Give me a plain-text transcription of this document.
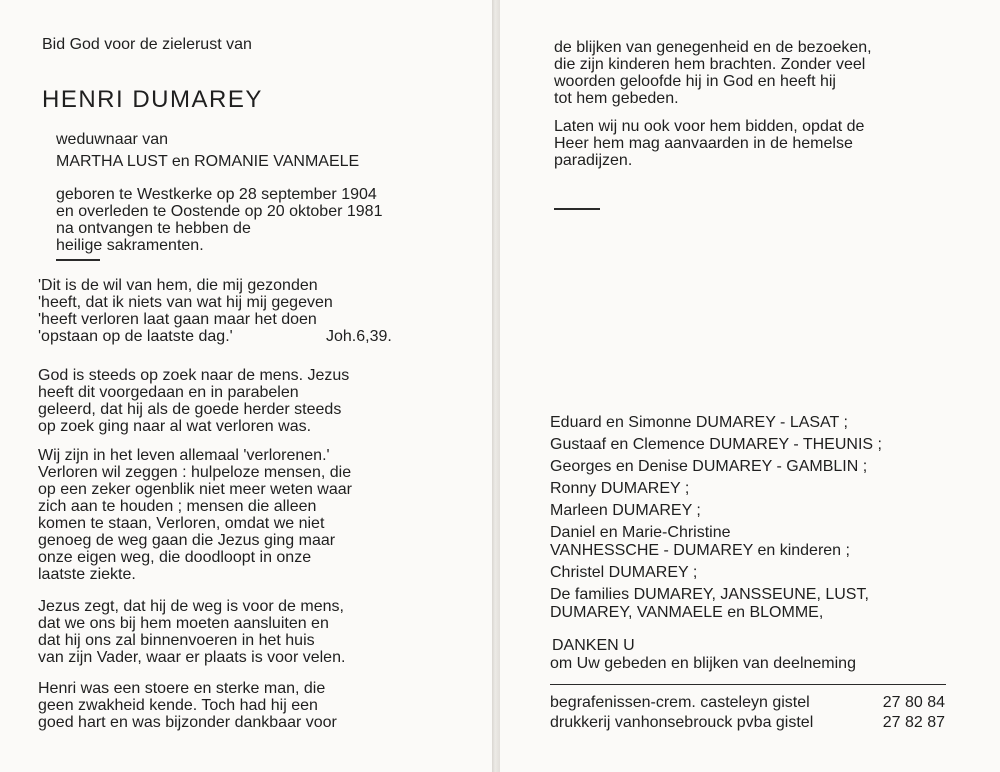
Bid God voor de zielerust van
HENRI DUMAREY
weduwnaar van
MARTHA LUST en ROMANIE VANMAELE
geboren te Westkerke op 28 september 1904
en overleden te Oostende op 20 oktober 1981
na ontvangen te hebben de
heilige sakramenten.
'Dit is de wil van hem, die mij gezonden
'heeft, dat ik niets van wat hij mij gegeven
'heeft verloren laat gaan maar het doen
'opstaan op de laatste dag.'	Joh.6,39.
God is steeds op zoek naar de mens. Jezus
heeft dit voorgedaan en in parabelen
geleerd, dat hij als de goede herder steeds
op zoek ging naar al wat verloren was.
Wij zijn in het leven allemaal 'verlorenen.'
Verloren wil zeggen : hulpeloze mensen, die
op een zeker ogenblik niet meer weten waar
zich aan te houden ; mensen die alleen
komen te staan, Verloren, omdat we niet
genoeg de weg gaan die Jezus ging maar
onze eigen weg, die doodloopt in onze
laatste ziekte.
Jezus zegt, dat hij de weg is voor de mens,
dat we ons bij hem moeten aansluiten en
dat hij ons zal binnenvoeren in het huis
van zijn Vader, waar er plaats is voor velen.
Henri was een stoere en sterke man, die
geen zwakheid kende. Toch had hij een
goed hart en was bijzonder dankbaar voor
de blijken van genegenheid en de bezoeken,
die zijn kinderen hem brachten. Zonder veel
woorden geloofde hij in God en heeft hij
tot hem gebeden.
Laten wij nu ook voor hem bidden, opdat de
Heer hem mag aanvaarden in de hemelse
paradijzen.
Eduard en Simonne DUMAREY - LASAT ;
Gustaaf en Clemence DUMAREY - THEUNIS ;
Georges en Denise DUMAREY - GAMBLIN ;
Ronny DUMAREY ;
Marleen DUMAREY ;
Daniel en Marie-Christine
VANHESSCHE - DUMAREY en kinderen ;
Christel DUMAREY ;
De families DUMAREY, JANSSEUNE, LUST,
DUMAREY, VANMAELE en BLOMME,
DANKEN U
om Uw gebeden en blijken van deelneming
begrafenissen-crem. casteleyn gistel	27 80 84
drukkerij vanhonsebrouck pvba gistel	27 82 87
